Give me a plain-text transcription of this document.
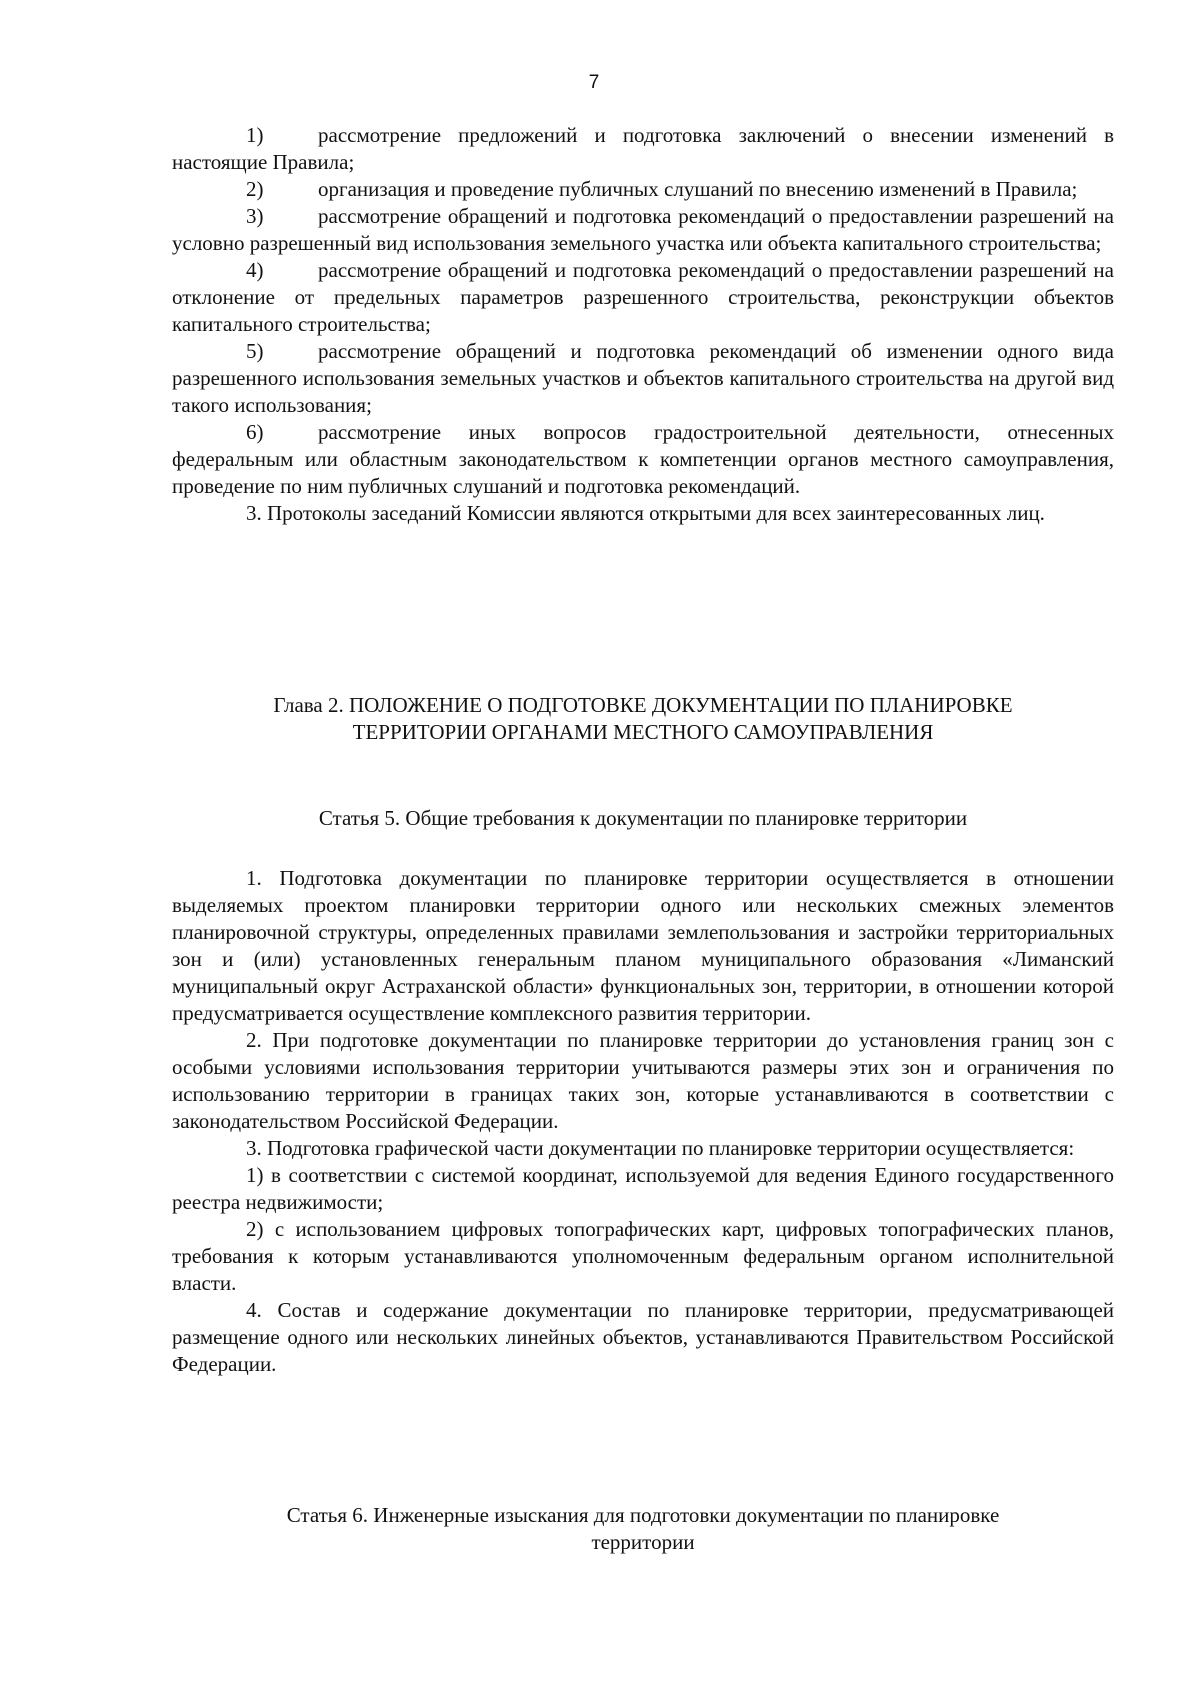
7

1)	рассмотрение предложений и подготовка заключений о внесении изменений в настоящие Правила;

2)	организация и проведение публичных слушаний по внесению изменений в Правила;

3)	рассмотрение обращений и подготовка рекомендаций о предоставлении разрешений на условно разрешенный вид использования земельного участка или объекта капитального строительства;

4)	рассмотрение обращений и подготовка рекомендаций о предоставлении разрешений на отклонение от предельных параметров разрешенного строительства, реконструкции объектов капитального строительства;

5)	рассмотрение обращений и подготовка рекомендаций об изменении одного вида разрешенного использования земельных участков и объектов капитального строительства на другой вид такого использования;

6)	рассмотрение иных вопросов градостроительной деятельности, отнесенных федеральным или областным законодательством к компетенции органов местного самоуправления, проведение по ним публичных слушаний и подготовка рекомендаций.

3. Протоколы заседаний Комиссии являются открытыми для всех заинтересованных лиц.

Глава 2. ПОЛОЖЕНИЕ О ПОДГОТОВКЕ ДОКУМЕНТАЦИИ ПО ПЛАНИРОВКЕ
ТЕРРИТОРИИ ОРГАНАМИ МЕСТНОГО САМОУПРАВЛЕНИЯ
Статья 5. Общие требования к документации по планировке территории

1. Подготовка документации по планировке территории осуществляется в отношении выделяемых проектом планировки территории одного или нескольких смежных элементов планировочной структуры, определенных правилами землепользования и застройки территориальных зон и (или) установленных генеральным планом муниципального образования «Лиманский муниципальный округ Астраханской области» функциональных зон, территории, в отношении которой предусматривается осуществление комплексного развития территории.

2. При подготовке документации по планировке территории до установления границ зон с особыми условиями использования территории учитываются размеры этих зон и ограничения по использованию территории в границах таких зон, которые устанавливаются в соответствии с законодательством Российской Федерации.

3. Подготовка графической части документации по планировке территории осуществляется:

1) в соответствии с системой координат, используемой для ведения Единого государственного реестра недвижимости;

2) с использованием цифровых топографических карт, цифровых топографических планов, требования к которым устанавливаются уполномоченным федеральным органом исполнительной власти.

4. Состав и содержание документации по планировке территории, предусматривающей размещение одного или нескольких линейных объектов, устанавливаются Правительством Российской Федерации.

Статья 6. Инженерные изыскания для подготовки документации по планировке
территории
